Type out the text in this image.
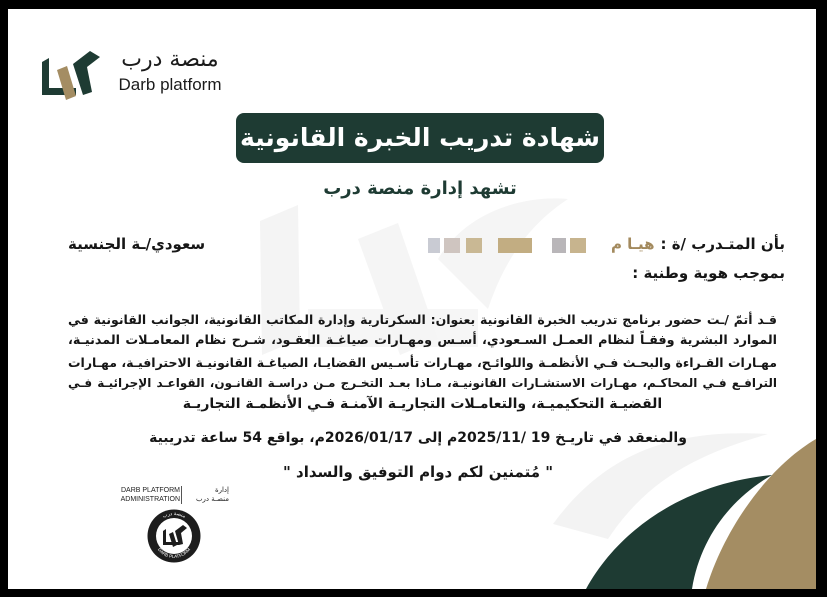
منصة درب
Darb platform
شهادة تدريب الخبرة القانونية
تشهد إدارة منصة درب
بأن المتـدرب /ة :
هيـا م
سعودي/ـة الجنسية
بموجب هوية وطنية :
قـد أتمّ /ـت حضور برنامج تدريب الخبرة القانونية بعنوان: السكرتارية وإدارة المكاتب القانونية، الجوانب القانونية في
الموارد البشرية وفقـاً لنظام العمـل السـعودي، أسـس ومهـارات صياغـة العقـود، شـرح نظام المعامـلات المدنيـة،
مهـارات القـراءة والبحـث فـي الأنظمـة واللوائـح، مهـارات تأسـيس القضايـا، الصياغـة القانونيـة الاحترافيـة، مهـارات
الترافـع فـي المحاكـم، مهـارات الاستشـارات القانونيـة، مـاذا بعـد التخـرج مـن دراسـة القانـون، القواعـد الإجرائيـة فـي
القضيـة التحكيميـة، والتعامـلات التجاريـة الآمنـة فـي الأنظمـة التجاريـة
والمنعقد في تاريـخ 19 /2025/11م إلى 2026/01/17م، بواقع 54 ساعة تدريبية
" مُتمنين لكم دوام التوفيق والسداد "
DARB PLATFORM
ADMINISTRATION
إدارة
منصـة درب
منصة درب
DARB PLATFORM
